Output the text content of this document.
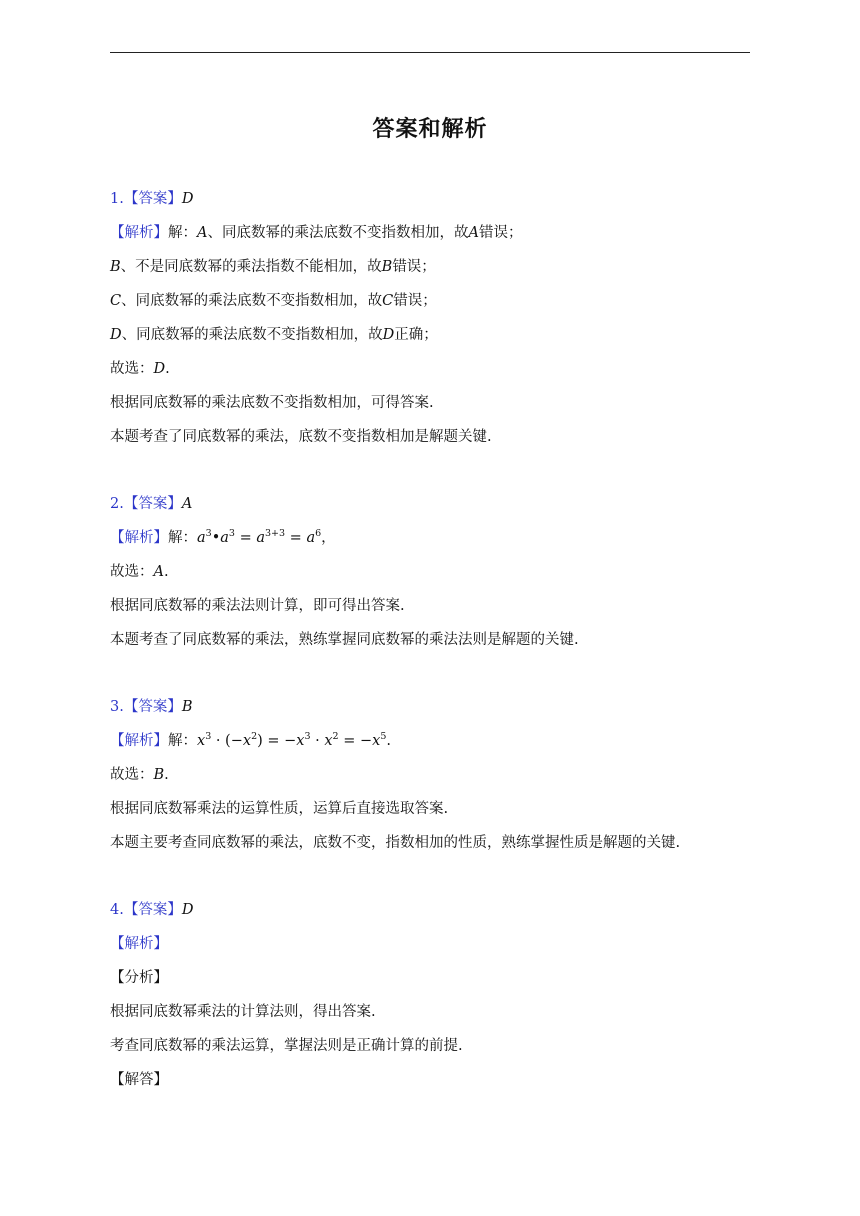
答案和解析
1.【答案】D
【解析】解：A、同底数幂的乘法底数不变指数相加，故A错误；
B、不是同底数幂的乘法指数不能相加，故B错误；
C、同底数幂的乘法底数不变指数相加，故C错误；
D、同底数幂的乘法底数不变指数相加，故D正确；
故选：D.
根据同底数幂的乘法底数不变指数相加，可得答案.
本题考查了同底数幂的乘法，底数不变指数相加是解题关键.
2.【答案】A
【解析】解：$a^3•a^3 = a^{3+3} = a^6$，
故选：A.
根据同底数幂的乘法法则计算，即可得出答案.
本题考查了同底数幂的乘法，熟练掌握同底数幂的乘法法则是解题的关键.
3.【答案】B
【解析】解：$x^3 \cdot (-x^2) = -x^3 \cdot x^2 = -x^5$.
故选：B.
根据同底数幂乘法的运算性质，运算后直接选取答案.
本题主要考查同底数幂的乘法，底数不变，指数相加的性质，熟练掌握性质是解题的关键.
4.【答案】D
【解析】
【分析】
根据同底数幂乘法的计算法则，得出答案.
考查同底数幂的乘法运算，掌握法则是正确计算的前提.
【解答】
